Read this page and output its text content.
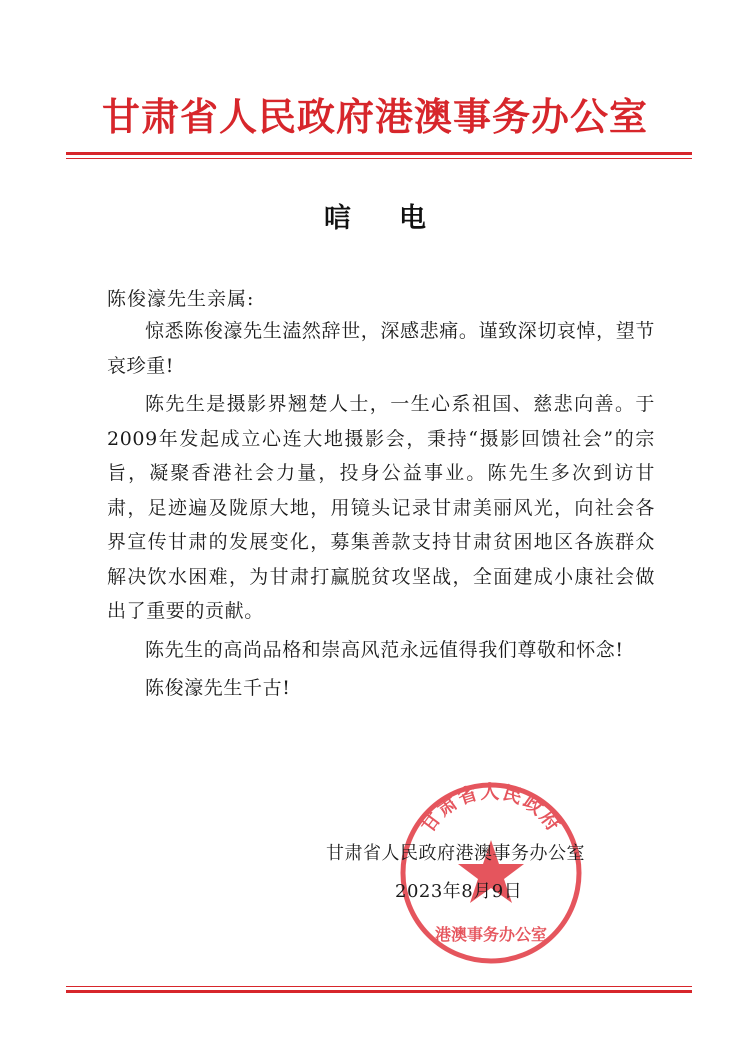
甘肃省人民政府港澳事务办公室
唁电
陈俊濠先生亲属:

惊悉陈俊濠先生溘然辞世，深感悲痛。谨致深切哀悼，望节哀珍重!

陈先生是摄影界翘楚人士，一生心系祖国、慈悲向善。于2009年发起成立心连大地摄影会，秉持“摄影回馈社会”的宗旨，凝聚香港社会力量，投身公益事业。陈先生多次到访甘肃，足迹遍及陇原大地，用镜头记录甘肃美丽风光，向社会各界宣传甘肃的发展变化，募集善款支持甘肃贫困地区各族群众解决饮水困难，为甘肃打赢脱贫攻坚战，全面建成小康社会做出了重要的贡献。

陈先生的高尚品格和崇高风范永远值得我们尊敬和怀念!

陈俊濠先生千古!

甘肃省人民政府
港澳事务办公室
甘肃省人民政府港澳事务办公室
2023年8月9日
